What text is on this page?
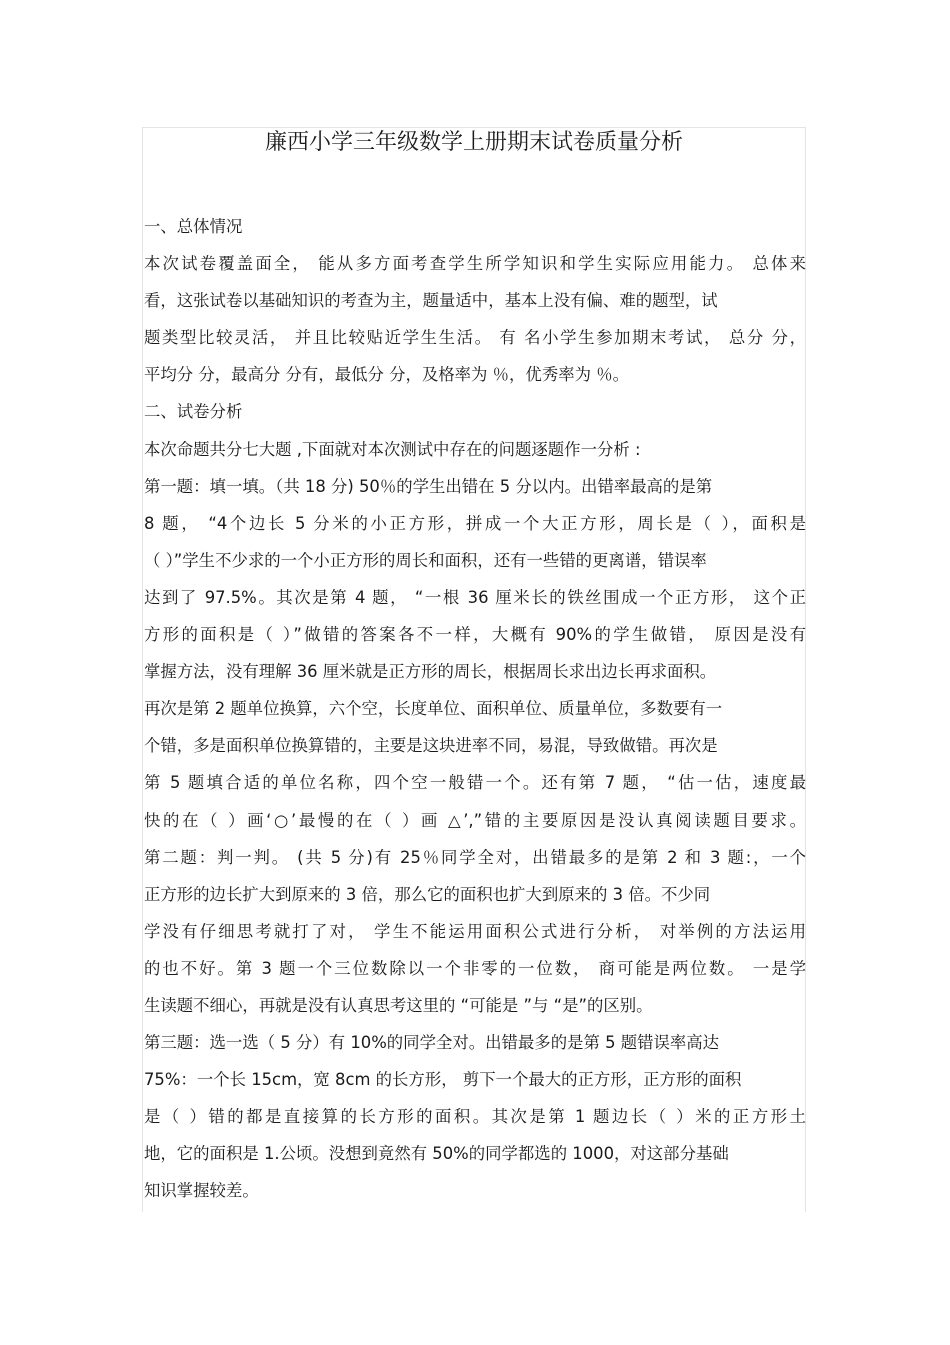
廉西小学三年级数学上册期末试卷质量分析
一、总体情况
本次试卷覆盖面全， 能从多方面考查学生所学知识和学生实际应用能力。 总体来
看，这张试卷以基础知识的考查为主，题量适中，基本上没有偏、难的题型，试
题类型比较灵活， 并且比较贴近学生生活。 有 名小学生参加期末考试， 总分 分，
平均分 分，最高分 分有，最低分 分，及格率为 ％，优秀率为 ％。
二、试卷分析
本次命题共分七大题 ,下面就对本次测试中存在的问题逐题作一分析 :
第一题：填一填。（共 18 分) 50％的学生出错在 5 分以内。出错率最高的是第
8 题， “4个边长 5 分米的小正方形，拼成一个大正方形，周长是（ ），面积是
（ ）”学生不少求的一个小正方形的周长和面积，还有一些错的更离谱，错误率
达到了 97.5%。其次是第 4 题， “一根 36 厘米长的铁丝围成一个正方形， 这个正
方形的面积是（ ）”做错的答案各不一样，大概有 90%的学生做错， 原因是没有
掌握方法，没有理解 36 厘米就是正方形的周长，根据周长求出边长再求面积。
再次是第 2 题单位换算，六个空，长度单位、面积单位、质量单位，多数要有一
个错，多是面积单位换算错的，主要是这块进率不同，易混，导致做错。再次是
第 5 题填合适的单位名称，四个空一般错一个。还有第 7 题， “估一估，速度最
快的在（ ）画‘○’最慢的在（ ）画 △’,”错的主要原因是没认真阅读题目要求。
第二题：判一判。 (共 5 分)有 25％同学全对，出错最多的是第 2 和 3 题:，一个
正方形的边长扩大到原来的 3 倍，那么它的面积也扩大到原来的 3 倍。不少同
学没有仔细思考就打了对， 学生不能运用面积公式进行分析， 对举例的方法运用
的也不好。第 3 题一个三位数除以一个非零的一位数， 商可能是两位数。 一是学
生读题不细心，再就是没有认真思考这里的 “可能是 ”与 “是”的区别。
第三题：选一选（ 5 分）有 10%的同学全对。出错最多的是第 5 题错误率高达
75%：一个长 15cm，宽 8cm 的长方形， 剪下一个最大的正方形，正方形的面积
是（ ）错的都是直接算的长方形的面积。其次是第 1 题边长（ ）米的正方形土
地，它的面积是 1.公顷。没想到竟然有 50%的同学都选的 1000，对这部分基础
知识掌握较差。
